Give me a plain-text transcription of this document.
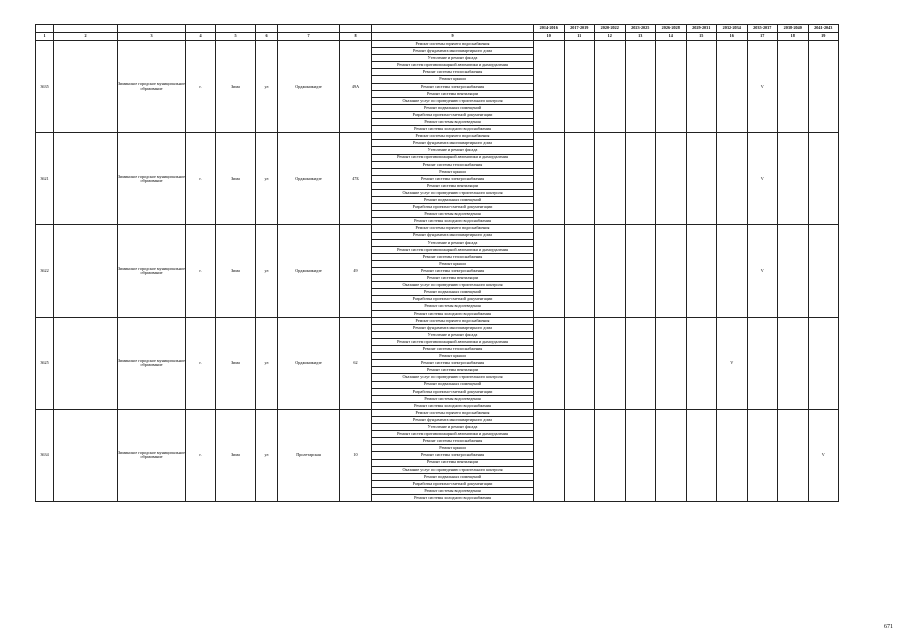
									2014-2016	2017-2019	2020-2022	2023-2025	2026-2028	2029-2031	2032-2034	2035-2037	2038-2040	2041-2043
1	2	3	4	5	6	7	8	9	10	11	12	13	14	15	16	17	18	19
3635		Зиминское городское муниципальное образование	г.	Зима	ул	Орджоникидзе	49А	Ремонт системы горячего водоснабжения								V		
								Ремонт фундамента многоквартирного дома										
								Утепление и ремонт фасада										
								Ремонт систем противопожарной автоматики и дымоудаления										
								Ремонт системы теплоснабжения										
								Ремонт крыши										
								Ремонт системы электроснабжения										
								Ремонт системы вентиляции										
								Оказание услуг по проведению строительного контроля										
								Ремонт подвальных помещений										
								Разработка проектно-сметной документации										
								Ремонт системы водоотведения										
								Ремонт системы холодного водоснабжения										
3621		Зиминское городское муниципальное образование	г.	Зима	ул	Орджоникидзе	47Б	Ремонт системы горячего водоснабжения								V		
								Ремонт фундамента многоквартирного дома										
								Утепление и ремонт фасада										
								Ремонт систем противопожарной автоматики и дымоудаления										
								Ремонт системы теплоснабжения										
								Ремонт крыши										
								Ремонт системы электроснабжения										
								Ремонт системы вентиляции										
								Оказание услуг по проведению строительного контроля										
								Ремонт подвальных помещений										
								Разработка проектно-сметной документации										
								Ремонт системы водоотведения										
								Ремонт системы холодного водоснабжения										
3622		Зиминское городское муниципальное образование	г.	Зима	ул	Орджоникидзе	49	Ремонт системы горячего водоснабжения								V		
								Ремонт фундамента многоквартирного дома										
								Утепление и ремонт фасада										
								Ремонт систем противопожарной автоматики и дымоудаления										
								Ремонт системы теплоснабжения										
								Ремонт крыши										
								Ремонт системы электроснабжения										
								Ремонт системы вентиляции										
								Оказание услуг по проведению строительного контроля										
								Ремонт подвальных помещений										
								Разработка проектно-сметной документации										
								Ремонт системы водоотведения										
								Ремонт системы холодного водоснабжения										
3625		Зиминское городское муниципальное образование	г.	Зима	ул	Орджоникидзе	62	Ремонт системы горячего водоснабжения							V			
								Ремонт фундамента многоквартирного дома										
								Утепление и ремонт фасада										
								Ремонт систем противопожарной автоматики и дымоудаления										
								Ремонт системы теплоснабжения										
								Ремонт крыши										
								Ремонт системы электроснабжения										
								Ремонт системы вентиляции										
								Оказание услуг по проведению строительного контроля										
								Ремонт подвальных помещений										
								Разработка проектно-сметной документации										
								Ремонт системы водоотведения										
								Ремонт системы холодного водоснабжения										
3634		Зиминское городское муниципальное образование	г.	Зима	ул	Пролетарская	10	Ремонт системы горячего водоснабжения										V
								Ремонт фундамента многоквартирного дома										
								Утепление и ремонт фасада										
								Ремонт систем противопожарной автоматики и дымоудаления										
								Ремонт системы теплоснабжения										
								Ремонт крыши										
								Ремонт системы электроснабжения										
								Ремонт системы вентиляции										
								Оказание услуг по проведению строительного контроля										
								Ремонт подвальных помещений										
								Разработка проектно-сметной документации										
								Ремонт системы водоотведения										
								Ремонт системы холодного водоснабжения										
671
